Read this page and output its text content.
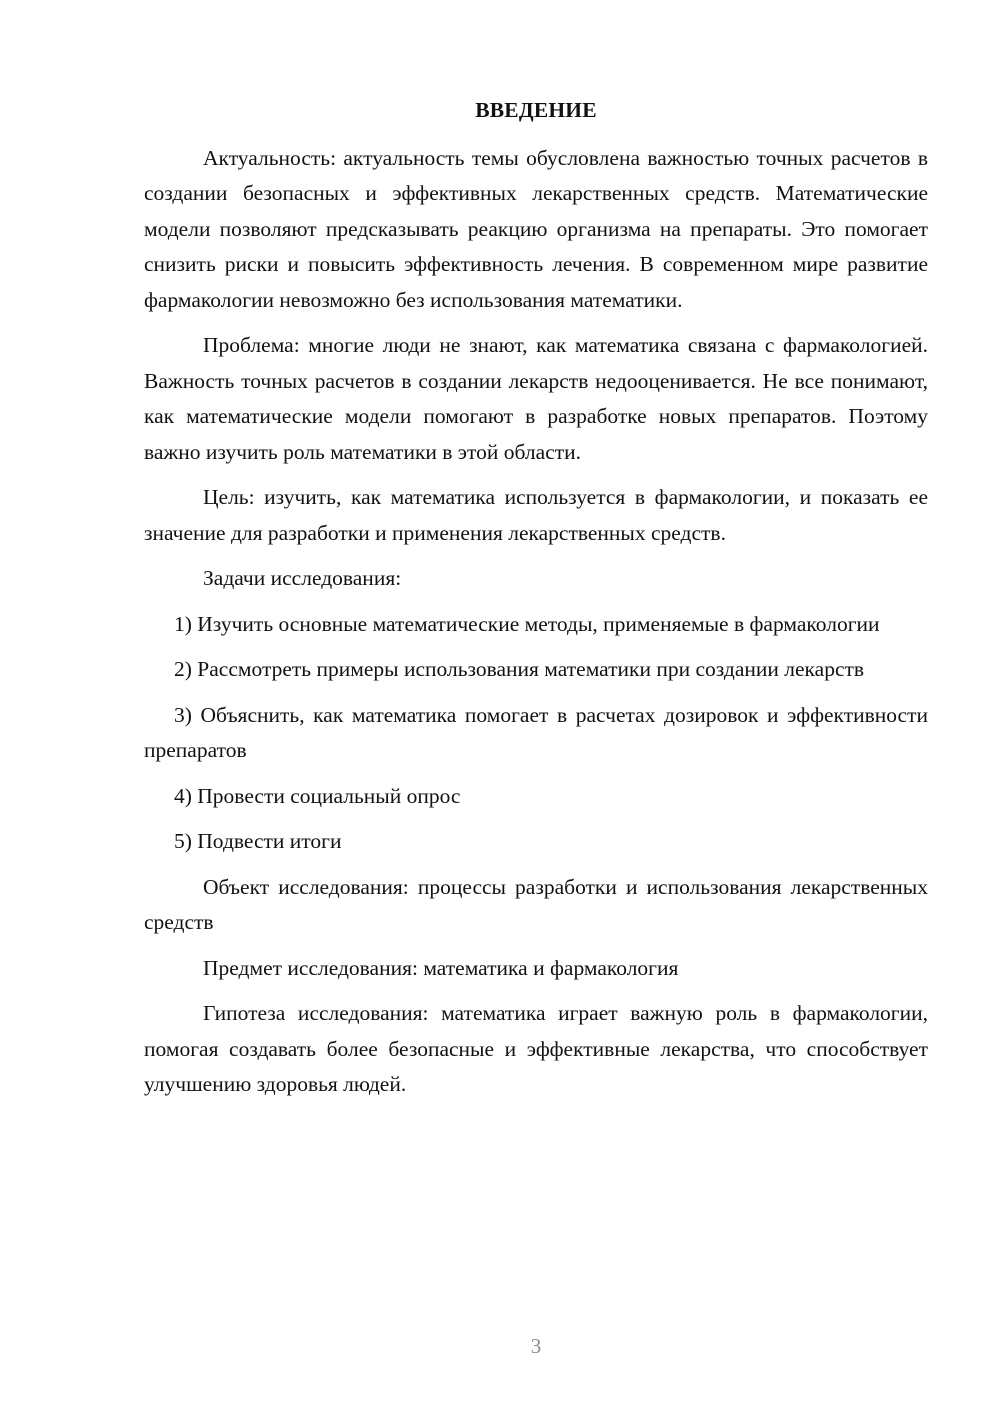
ВВЕДЕНИЕ

Актуальность: актуальность темы обусловлена важностью точных расчетов в создании безопасных и эффективных лекарственных средств. Математические модели позволяют предсказывать реакцию организма на препараты. Это помогает снизить риски и повысить эффективность лечения. В современном мире развитие фармакологии невозможно без использования математики.

Проблема: многие люди не знают, как математика связана с фармакологией. Важность точных расчетов в создании лекарств недооценивается. Не все понимают, как математические модели помогают в разработке новых препаратов. Поэтому важно изучить роль математики в этой области.

Цель: изучить, как математика используется в фармакологии, и показать ее значение для разработки и применения лекарственных средств.

Задачи исследования:

1) Изучить основные математические методы, применяемые в фармакологии

2) Рассмотреть примеры использования математики при создании лекарств

3) Объяснить, как математика помогает в расчетах дозировок и эффективности препаратов

4) Провести социальный опрос

5) Подвести итоги

Объект исследования: процессы разработки и использования лекарственных средств

Предмет исследования: математика и фармакология

Гипотеза исследования: математика играет важную роль в фармакологии, помогая создавать более безопасные и эффективные лекарства, что способствует улучшению здоровья людей.

3
